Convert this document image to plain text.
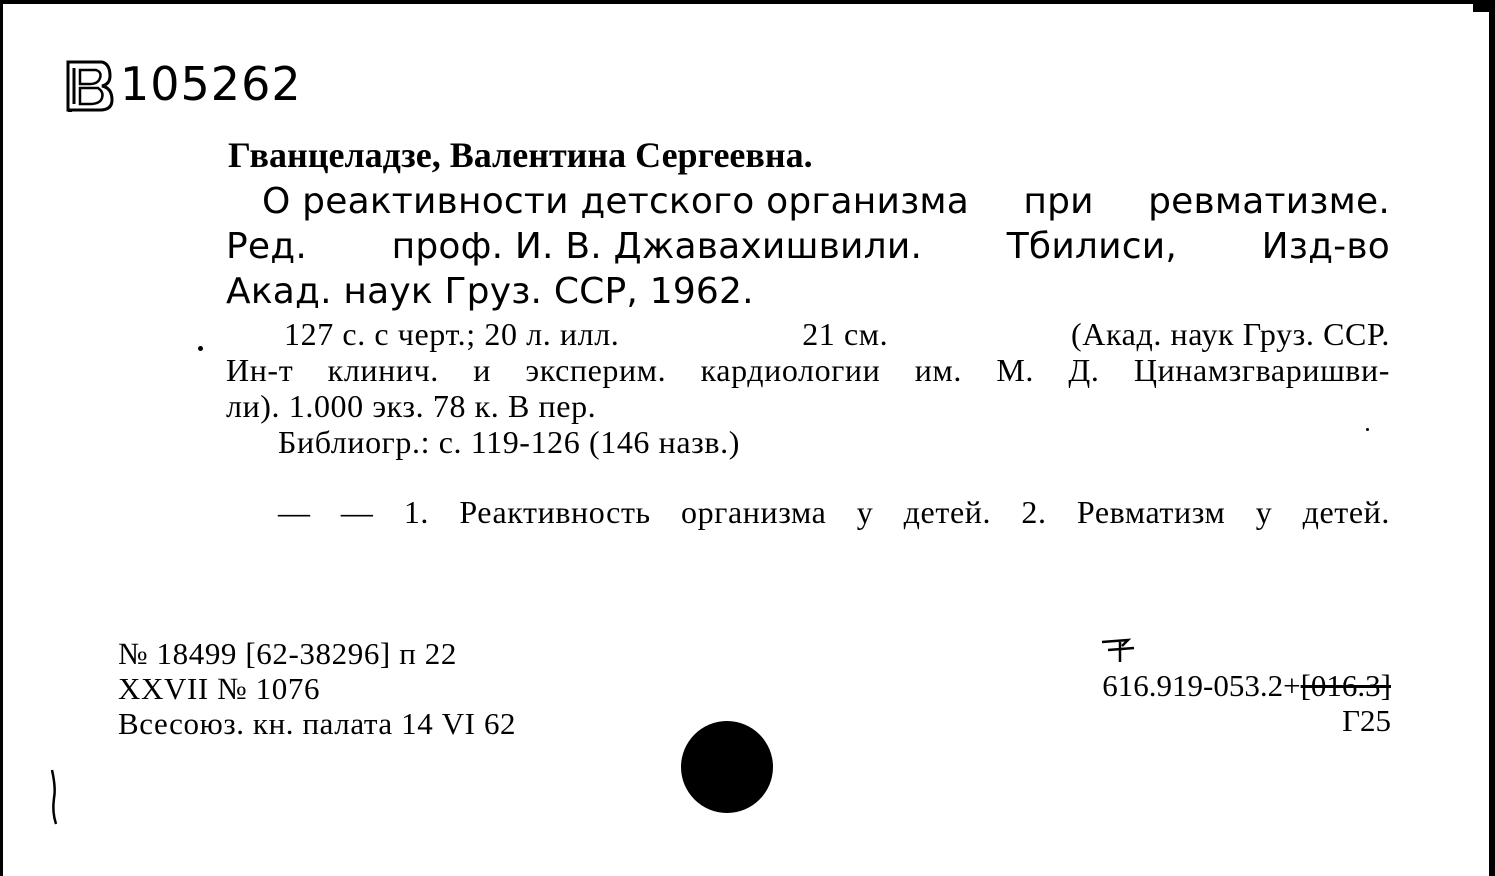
105262
Гванцеладзе, Валентина Сергеевна.
О реактивности детского организма при ревматизме.
Ред. проф. И. В. Джавахишвили. Тбилиси, Изд-во
Акад. наук Груз. ССР, 1962.
127 с. с черт.; 20 л. илл.	21 см.	(Акад. наук Груз. ССР.
Ин-т клинич. и эксперим. кардиологии им. М. Д. Цинамзгваришви-
ли). 1.000 экз. 78 к. В пер.
Библиогр.: с. 119-126 (146 назв.)
— — 1. Реактивность организма у детей. 2. Ревматизм у детей.
№ 18499 [62-38296] п 22
XXVII № 1076
Всесоюз. кн. палата 14 VI 62
616.919-053.2+[016.3]
Г25
